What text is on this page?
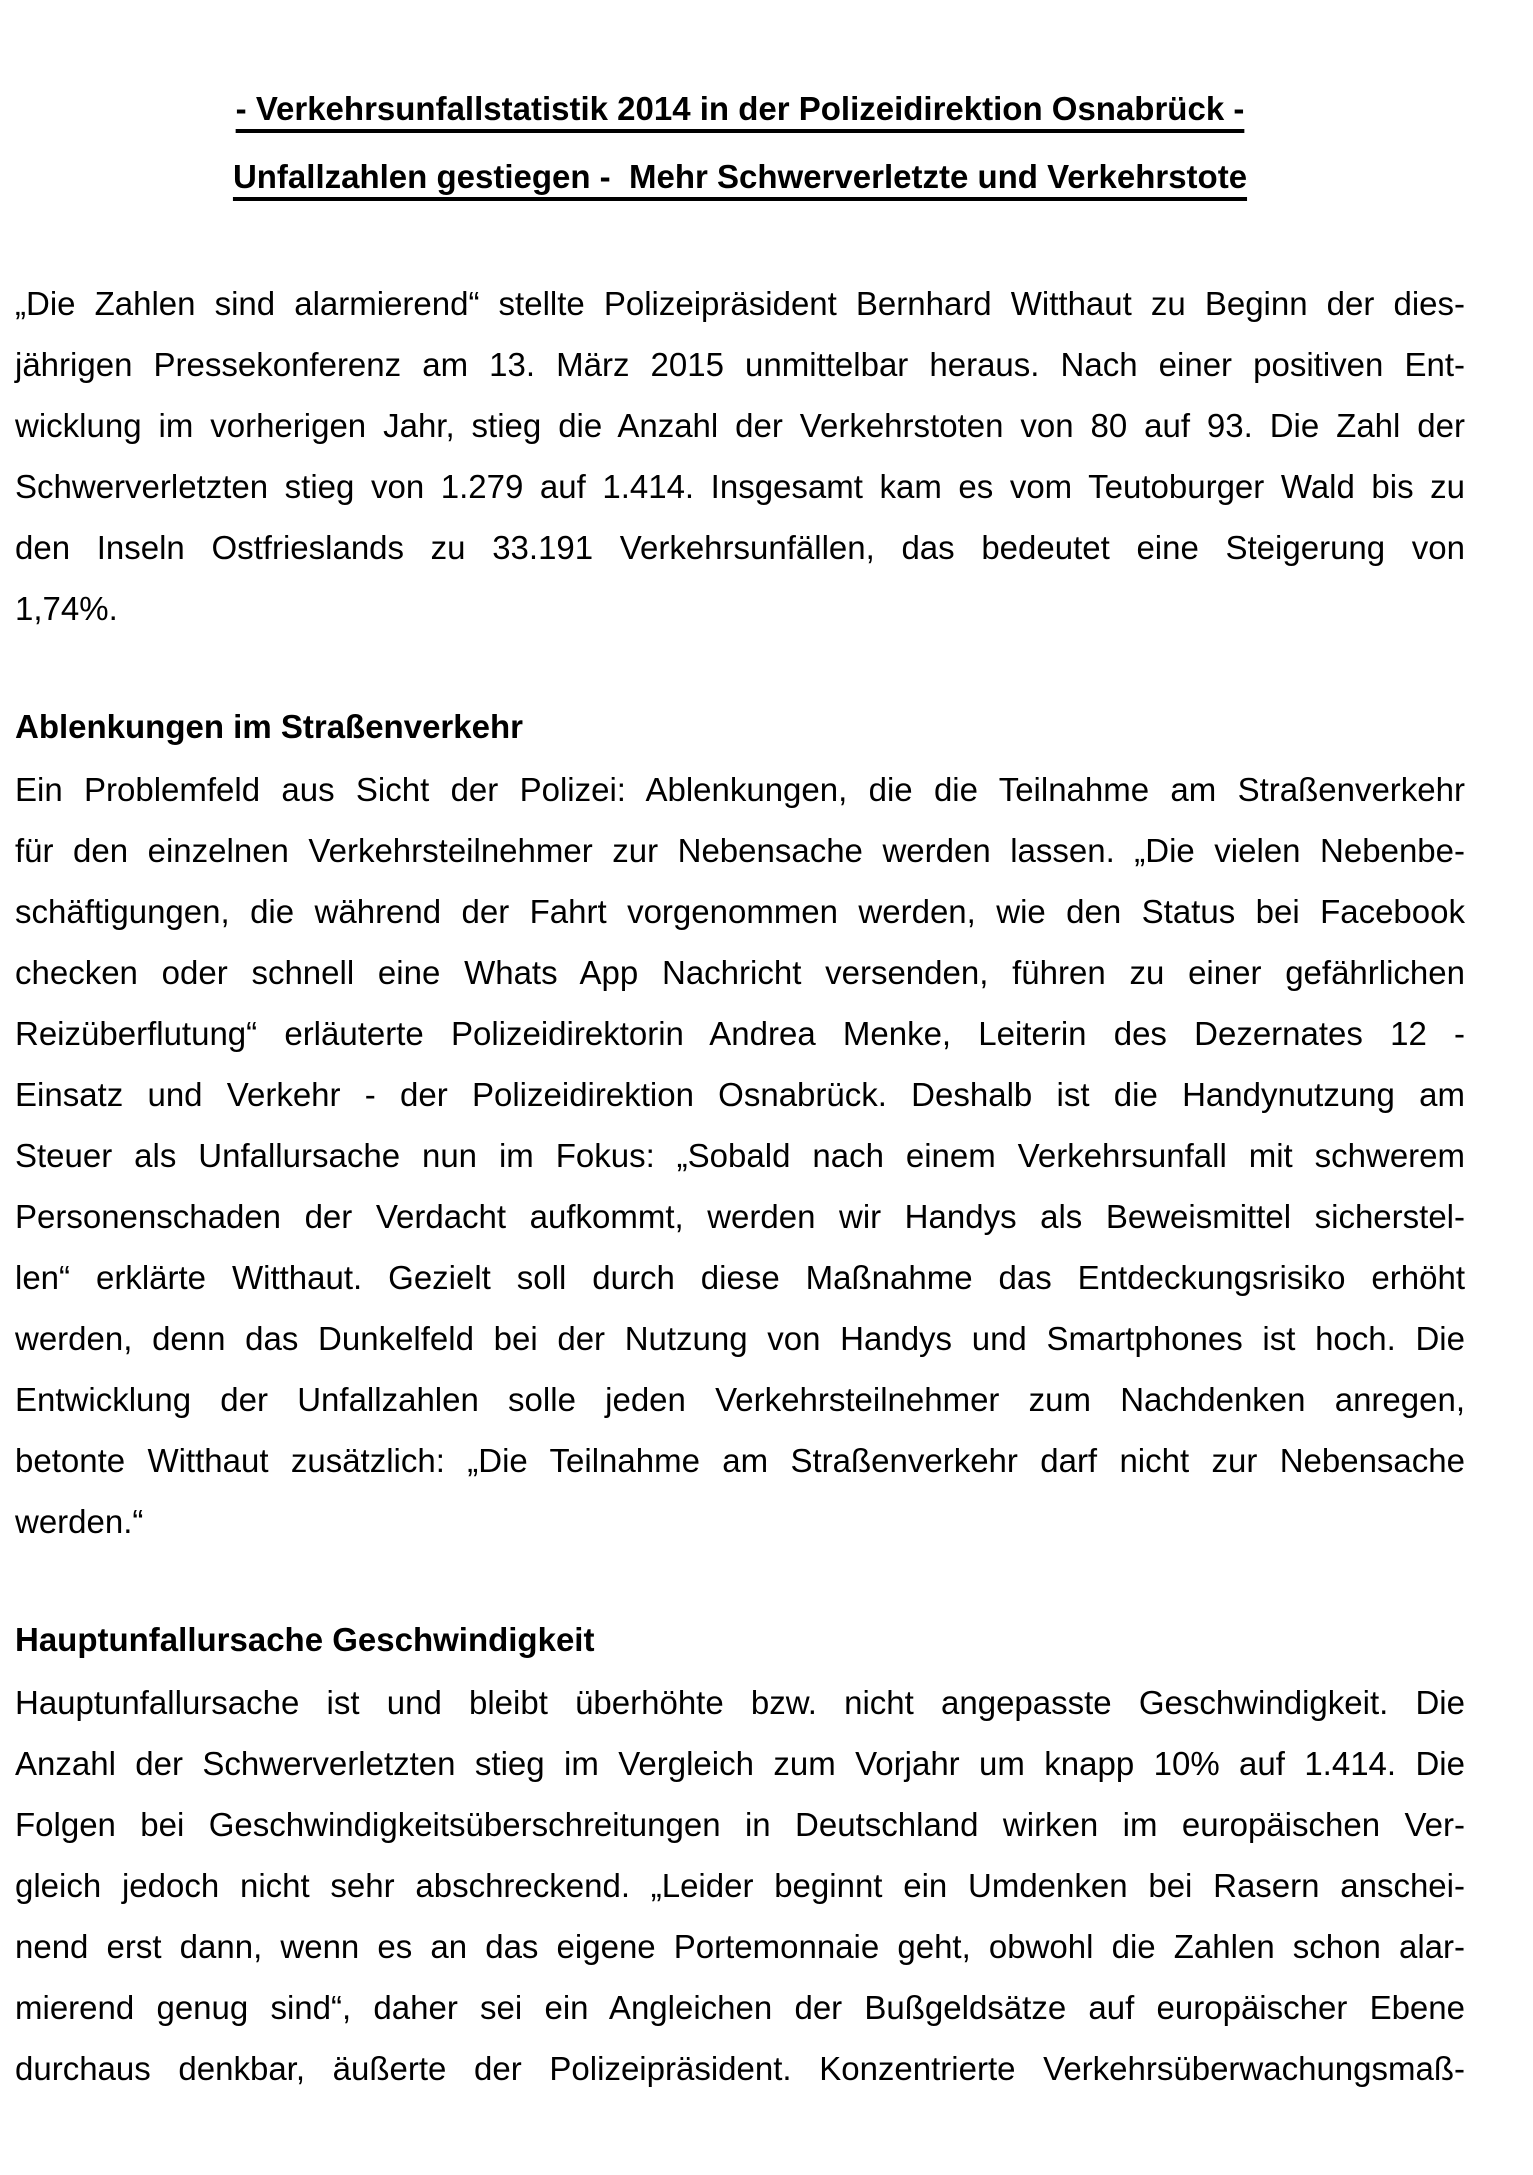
- Verkehrsunfallstatistik 2014 in der Polizeidirektion Osnabrück -
Unfallzahlen gestiegen -  Mehr Schwerverletzte und Verkehrstote
„Die Zahlen sind alarmierend“ stellte Polizeipräsident Bernhard Witthaut zu Beginn der dies-
jährigen Pressekonferenz am 13. März 2015 unmittelbar heraus. Nach einer positiven Ent-
wicklung im vorherigen Jahr, stieg die Anzahl der Verkehrstoten von 80 auf 93. Die Zahl der
Schwerverletzten stieg von 1.279 auf 1.414. Insgesamt kam es vom Teutoburger Wald bis zu
den Inseln Ostfrieslands zu 33.191 Verkehrsunfällen, das bedeutet eine Steigerung von
1,74%.
Ablenkungen im Straßenverkehr
Ein Problemfeld aus Sicht der Polizei: Ablenkungen, die die Teilnahme am Straßenverkehr
für den einzelnen Verkehrsteilnehmer zur Nebensache werden lassen. „Die vielen Nebenbe-
schäftigungen, die während der Fahrt vorgenommen werden, wie den Status bei Facebook
checken oder schnell eine Whats App Nachricht versenden, führen zu einer gefährlichen
Reizüberflutung“ erläuterte Polizeidirektorin Andrea Menke, Leiterin des Dezernates 12 -
Einsatz und Verkehr - der Polizeidirektion Osnabrück. Deshalb ist die Handynutzung am
Steuer als Unfallursache nun im Fokus: „Sobald nach einem Verkehrsunfall mit schwerem
Personenschaden der Verdacht aufkommt, werden wir Handys als Beweismittel sicherstel-
len“ erklärte Witthaut. Gezielt soll durch diese Maßnahme das Entdeckungsrisiko erhöht
werden, denn das Dunkelfeld bei der Nutzung von Handys und Smartphones ist hoch. Die
Entwicklung der Unfallzahlen solle jeden Verkehrsteilnehmer zum Nachdenken anregen,
betonte Witthaut zusätzlich: „Die Teilnahme am Straßenverkehr darf nicht zur Nebensache
werden.“
Hauptunfallursache Geschwindigkeit
Hauptunfallursache ist und bleibt überhöhte bzw. nicht angepasste Geschwindigkeit. Die
Anzahl der Schwerverletzten stieg im Vergleich zum Vorjahr um knapp 10% auf 1.414. Die
Folgen bei Geschwindigkeitsüberschreitungen in Deutschland wirken im europäischen Ver-
gleich jedoch nicht sehr abschreckend. „Leider beginnt ein Umdenken bei Rasern anschei-
nend erst dann, wenn es an das eigene Portemonnaie geht, obwohl die Zahlen schon alar-
mierend genug sind“, daher sei ein Angleichen der Bußgeldsätze auf europäischer Ebene
durchaus denkbar, äußerte der Polizeipräsident. Konzentrierte Verkehrsüberwachungsmaß-
